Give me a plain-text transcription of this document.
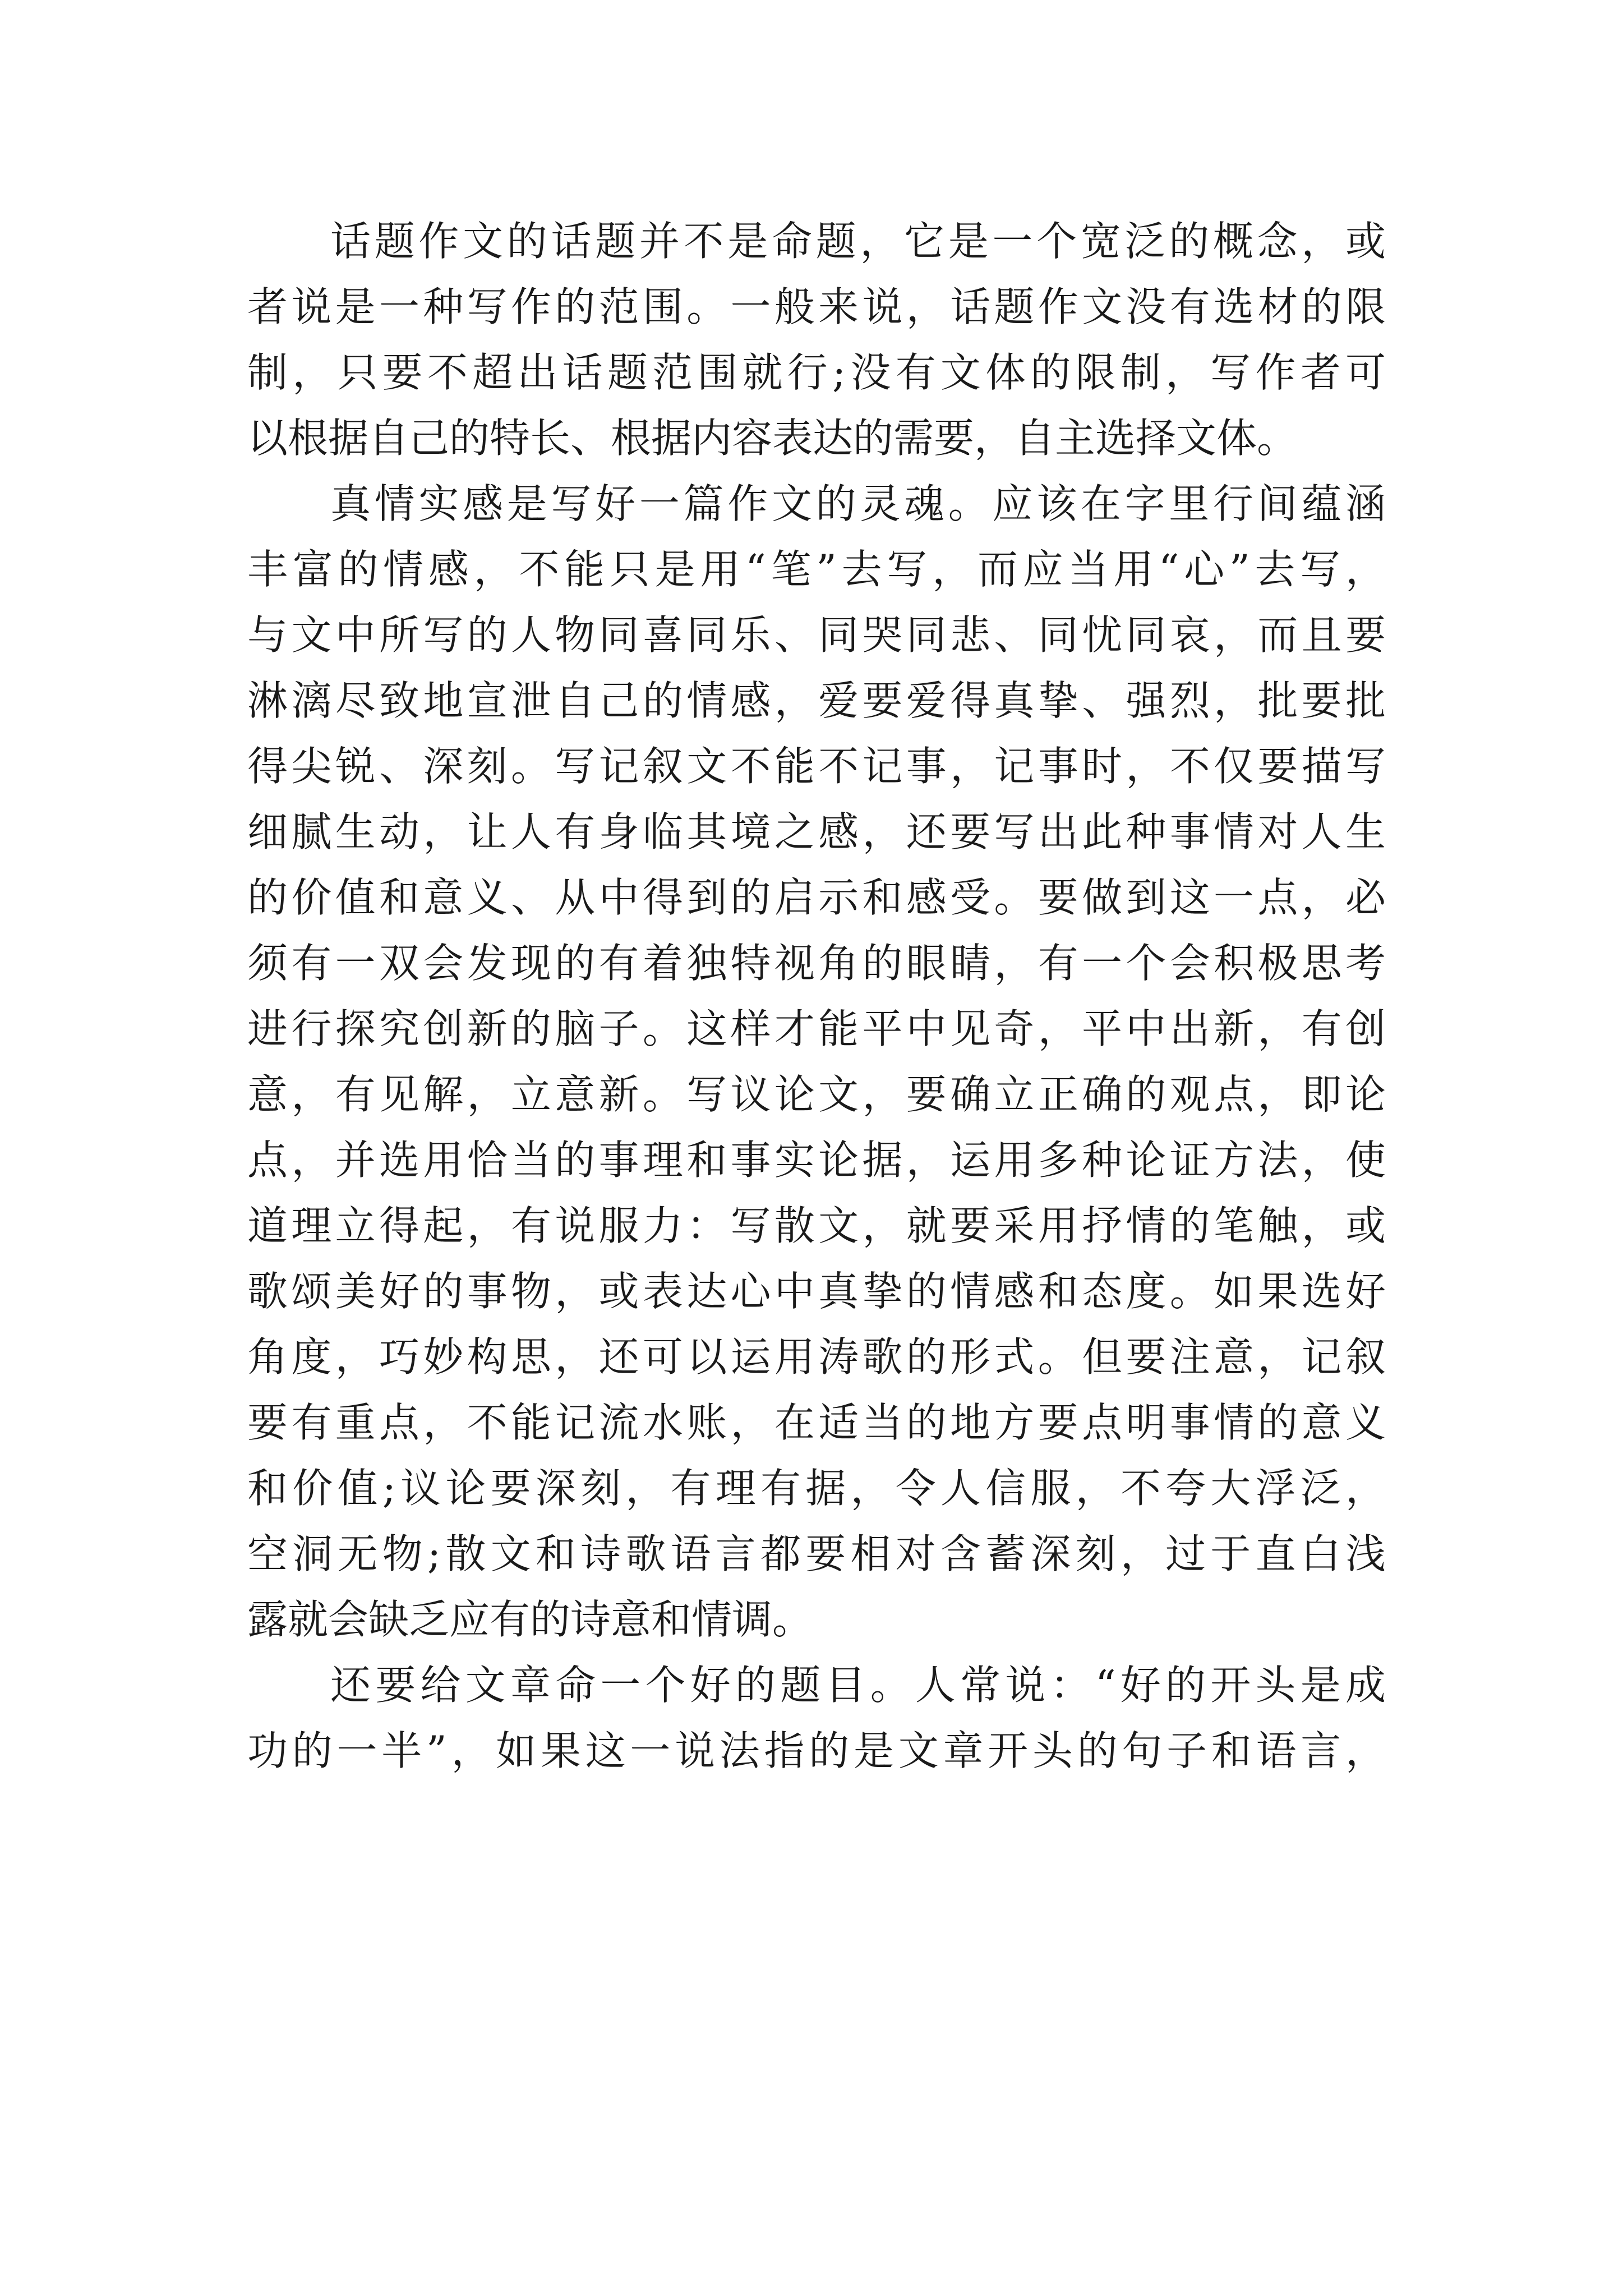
话题作文的话题并不是命题，它是一个宽泛的概念，或
者说是一种写作的范围。一般来说，话题作文没有选材的限
制，只要不超出话题范围就行;没有文体的限制，写作者可
以根据自己的特长、根据内容表达的需要，自主选择文体。
真情实感是写好一篇作文的灵魂。应该在字里行间蕴涵
丰富的情感，不能只是用“笔”去写，而应当用“心”去写，
与文中所写的人物同喜同乐、同哭同悲、同忧同哀，而且要
淋漓尽致地宣泄自己的情感，爱要爱得真挚、强烈，批要批
得尖锐、深刻。写记叙文不能不记事，记事时，不仅要描写
细腻生动，让人有身临其境之感，还要写出此种事情对人生
的价值和意义、从中得到的启示和感受。要做到这一点，必
须有一双会发现的有着独特视角的眼睛，有一个会积极思考
进行探究创新的脑子。这样才能平中见奇，平中出新，有创
意，有见解，立意新。写议论文，要确立正确的观点，即论
点，并选用恰当的事理和事实论据，运用多种论证方法，使
道理立得起，有说服力：写散文，就要采用抒情的笔触，或
歌颂美好的事物，或表达心中真挚的情感和态度。如果选好
角度，巧妙构思，还可以运用涛歌的形式。但要注意，记叙
要有重点，不能记流水账，在适当的地方要点明事情的意义
和价值;议论要深刻，有理有据，令人信服，不夸大浮泛，
空洞无物;散文和诗歌语言都要相对含蓄深刻，过于直白浅
露就会缺乏应有的诗意和情调。
还要给文章命一个好的题目。人常说：“好的开头是成
功的一半”，如果这一说法指的是文章开头的句子和语言，
